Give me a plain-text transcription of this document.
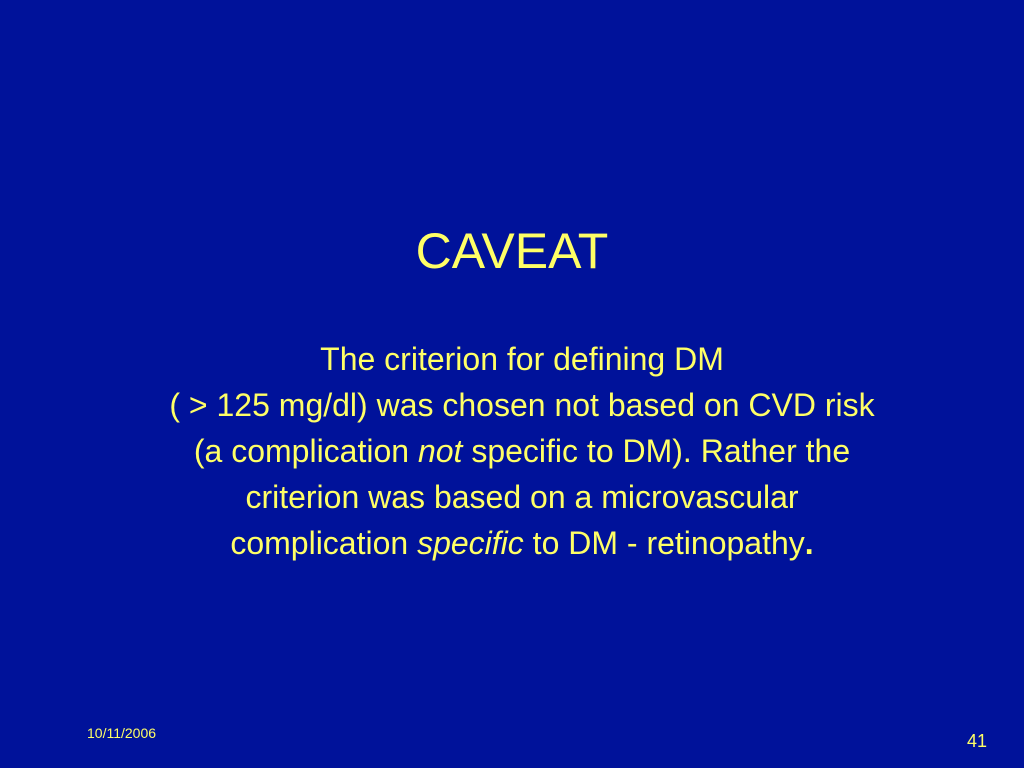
CAVEAT
The criterion for defining DM
( > 125 mg/dl) was chosen not based on CVD risk
(a complication not specific to DM). Rather the
criterion was based on a microvascular
complication specific to DM - retinopathy.
10/11/2006	41
